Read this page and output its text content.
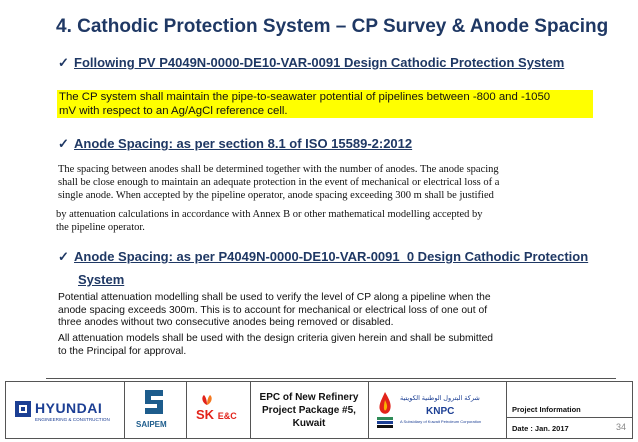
4. Cathodic Protection System – CP Survey & Anode Spacing
✓ Following PV P4049N-0000-DE10-VAR-0091 Design Cathodic Protection System
The CP system shall maintain the pipe-to-seawater potential of pipelines between -800 and -1050
mV with respect to an Ag/AgCl reference cell.
✓ Anode Spacing: as per section 8.1 of ISO 15589-2:2012
The spacing between anodes shall be determined together with the number of anodes. The anode spacing
shall be close enough to maintain an adequate protection in the event of mechanical or electrical loss of a
single anode. When accepted by the pipeline operator, anode spacing exceeding 300 m shall be justified
by attenuation calculations in accordance with Annex B or other mathematical modelling accepted by
the pipeline operator.
✓ Anode Spacing: as per P4049N-0000-DE10-VAR-0091_0 Design Cathodic Protection
System
Potential attenuation modelling shall be used to verify the level of CP along a pipeline when the
anode spacing exceeds 300m. This is to account for mechanical or electrical loss of one out of
three anodes without two consecutive anodes being removed or disabled.
All attenuation models shall be used with the design criteria given herein and shall be submitted
to the Principal for approval.
HYUNDAI
ENGINEERING & CONSTRUCTION
SAIPEM
SK E&C
EPC of New Refinery
Project Package #5,
Kuwait
شركة البترول الوطنية الكويتية
KNPC
A Subsidiary of Kuwait Petroleum Corporation
Project Information
Date : Jan. 2017	34
